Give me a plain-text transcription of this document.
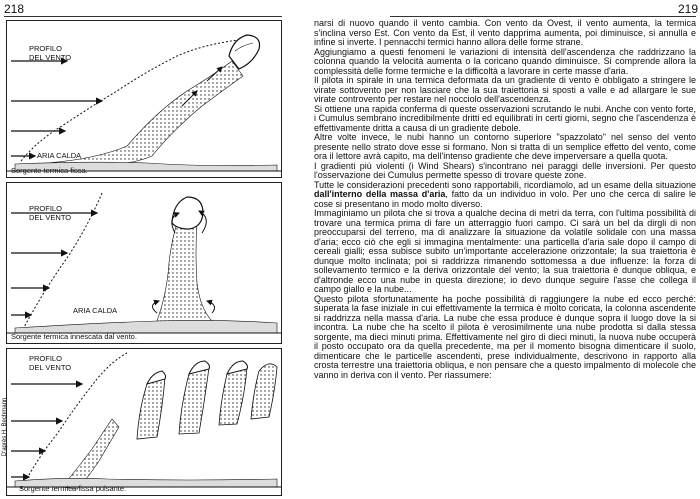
218	219
PROFILO
DEL VENTO
ARIA CALDA
Sorgente termica fissa.
PROFILO
DEL VENTO
ARIA CALDA
Sorgente termica innescata dal vento.
PROFILO
DEL VENTO
Sorgente termica fissa pulsante.
D'après H. Bechmann

narsi di nuovo quando il vento cambia. Con vento da Ovest, il vento aumenta, la termica s'inclina verso Est. Con vento da Est, il vento dapprima aumenta, poi diminuisce, si annulla e infine si inverte. I pennacchi termici hanno allora delle forme strane.

Aggiungiamo a questi fenomeni le variazioni di intensità dell'ascendenza che raddrizzano la colonna quando la velocità aumenta o la coricano quando diminuisce. Si comprende allora la complessità delle forme termiche e la difficoltà a lavorare in certe masse d'aria.

Il pilota in spirale in una termica deformata da un gradiente di vento è obbligato a stringere le virate sottovento per non lasciare che la sua traiettoria si sposti a valle e ad allargare le sue virate controvento per restare nel nocciolo dell'ascendenza.

Si ottiene una rapida conferma di queste osservazioni scrutando le nubi. Anche con vento forte, i Cumulus sembrano incredibilmente dritti ed equilibrati in certi giorni, segno che l'ascendenza è effettivamente dritta a causa di un gradiente debole.

Altre volte invece, le nubi hanno un contorno superiore "spazzolato" nel senso del vento presente nello strato dove esse si formano. Non si tratta di un semplice effetto del vento, come ora il lettore avrà capito, ma dell'intenso gradiente che deve imperversare a quella quota.

I gradienti più violenti (i Wind Shears) s'incontrano nei paraggi delle inversioni. Per questo l'osservazione dei Cumulus permette spesso di trovare queste zone.

Tutte le considerazioni precedenti sono rapportabili, ricordiamolo, ad un esame della situazione dall'interno della massa d'aria, fatto da un individuo in volo. Per uno che cerca di salire le cose si presentano in modo molto diverso.

Immaginiamo un pilota che si trova a qualche decina di metri da terra, con l'ultima possibilità di trovare una termica prima di fare un atterraggio fuori campo. Ci sarà un bel da dirgli di non preoccuparsi del terreno, ma di analizzare la situazione da volatile solidale con una massa d'aria; ecco ciò che egli si immagina mentalmente: una particella d'aria sale dopo il campo di cereali gialli; essa subisce subito un'importante accelerazione orizzontale; la sua traiettoria è dunque molto inclinata; poi si raddrizza rimanendo sottomessa a due influenze: la forza di sollevamento termico e la deriva orizzontale del vento; la sua traiettoria è dunque obliqua, e d'altronde ecco una nube in questa direzione; io devo dunque seguire l'asse che collega il campo giallo e la nube...

Questo pilota sfortunatamente ha poche possibilità di raggiungere la nube ed ecco perché: superata la fase iniziale in cui effettivamente la termica è molto coricata, la colonna ascendente si raddrizza nella massa d'aria. La nube che essa produce è dunque sopra il luogo dove la si incontra. La nube che ha scelto il pilota è verosimilmente una nube prodotta si dalla stessa sorgente, ma dieci minuti prima. Effettivamente nel giro di dieci minuti, la nuova nube occuperà il posto occupato ora da quella precedente, ma per il momento bisogna dimenticare il suolo, dimenticare che le particelle ascendenti, prese individualmente, descrivono in rapporto alla crosta terrestre una traiettoria obliqua, e non pensare che a questo impalmento di molecole che vanno in deriva con il vento. Per riassumere:
